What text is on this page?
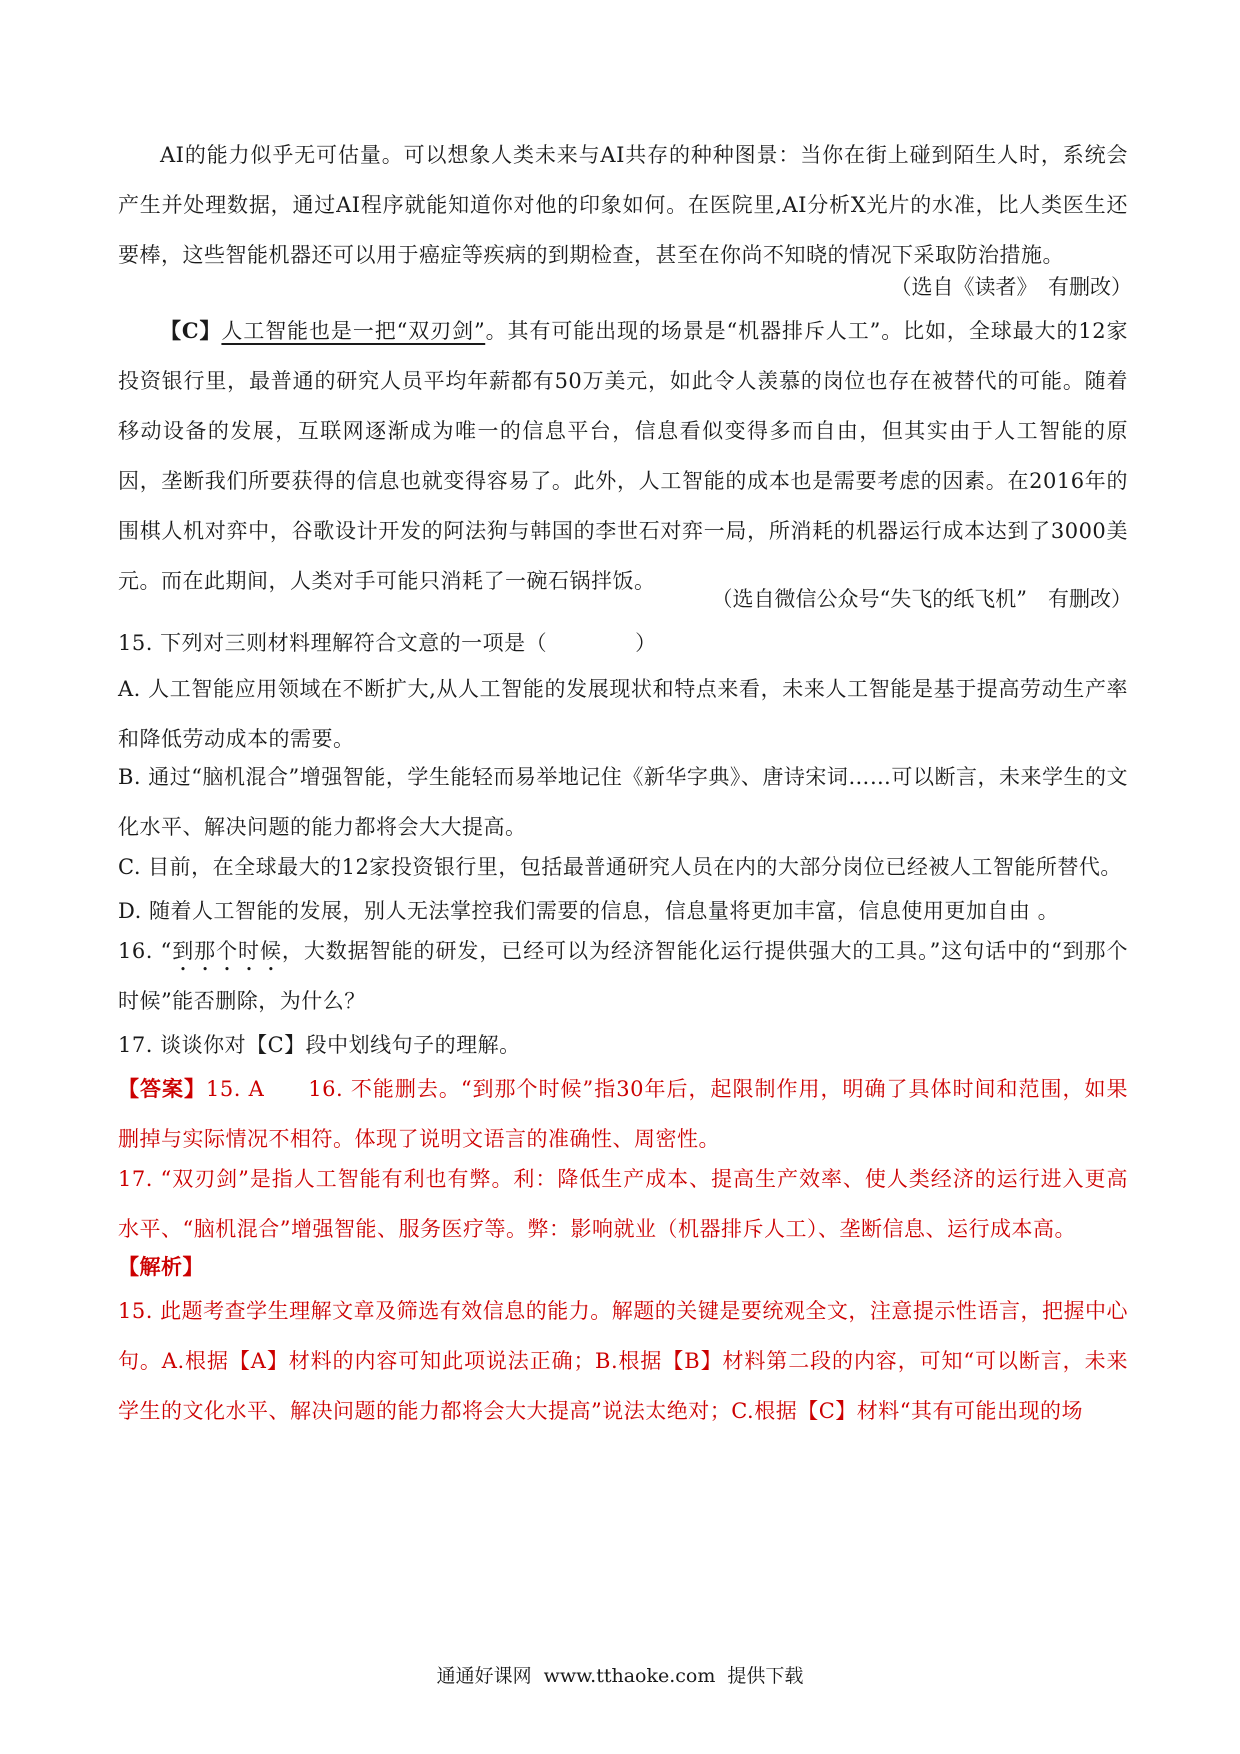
AI的能力似乎无可估量。可以想象人类未来与AI共存的种种图景：当你在街上碰到陌生人时，系统会产生并处理数据，通过AI程序就能知道你对他的印象如何。在医院里,AI分析X光片的水准，比人类医生还要棒，这些智能机器还可以用于癌症等疾病的到期检查，甚至在你尚不知晓的情况下采取防治措施。

（选自《读者》　有删改）

【C】人工智能也是一把“双刃剑”。其有可能出现的场景是“机器排斥人工”。比如，全球最大的12家投资银行里，最普通的研究人员平均年薪都有50万美元，如此令人羡慕的岗位也存在被替代的可能。随着移动设备的发展，互联网逐渐成为唯一的信息平台，信息看似变得多而自由，但其实由于人工智能的原因，垄断我们所要获得的信息也就变得容易了。此外，人工智能的成本也是需要考虑的因素。在2016年的围棋人机对弈中，谷歌设计开发的阿法狗与韩国的李世石对弈一局，所消耗的机器运行成本达到了3000美元。而在此期间，人类对手可能只消耗了一碗石锅拌饭。

（选自微信公众号“失飞的纸飞机”　有删改）

15. 下列对三则材料理解符合文意的一项是（	）

A. 人工智能应用领域在不断扩大,从人工智能的发展现状和特点来看，未来人工智能是基于提高劳动生产率和降低劳动成本的需要。

B. 通过“脑机混合”增强智能，学生能轻而易举地记住《新华字典》、唐诗宋词……可以断言，未来学生的文化水平、解决问题的能力都将会大大提高。

C. 目前，在全球最大的12家投资银行里，包括最普通研究人员在内的大部分岗位已经被人工智能所替代。

D. 随着人工智能的发展，别人无法掌控我们需要的信息，信息量将更加丰富，信息使用更加自由 。

16. “到那个时候，大数据智能的研发，已经可以为经济智能化运行提供强大的工具。”这句话中的“到那个时候”能否删除，为什么？

17. 谈谈你对【C】段中划线句子的理解。

【答案】15. A 16. 不能删去。“到那个时候”指30年后，起限制作用，明确了具体时间和范围，如果删掉与实际情况不相符。体现了说明文语言的准确性、周密性。

17. “双刃剑”是指人工智能有利也有弊。利：降低生产成本、提高生产效率、使人类经济的运行进入更高水平、“脑机混合”增强智能、服务医疗等。弊：影响就业（机器排斥人工）、垄断信息、运行成本高。

【解析】

15. 此题考查学生理解文章及筛选有效信息的能力。解题的关键是要统观全文，注意提示性语言，把握中心句。A.根据【A】材料的内容可知此项说法正确；B.根据【B】材料第二段的内容，可知“可以断言，未来学生的文化水平、解决问题的能力都将会大大提高”说法太绝对；C.根据【C】材料“其有可能出现的场

通通好课网 www.tthaoke.com 提供下载
